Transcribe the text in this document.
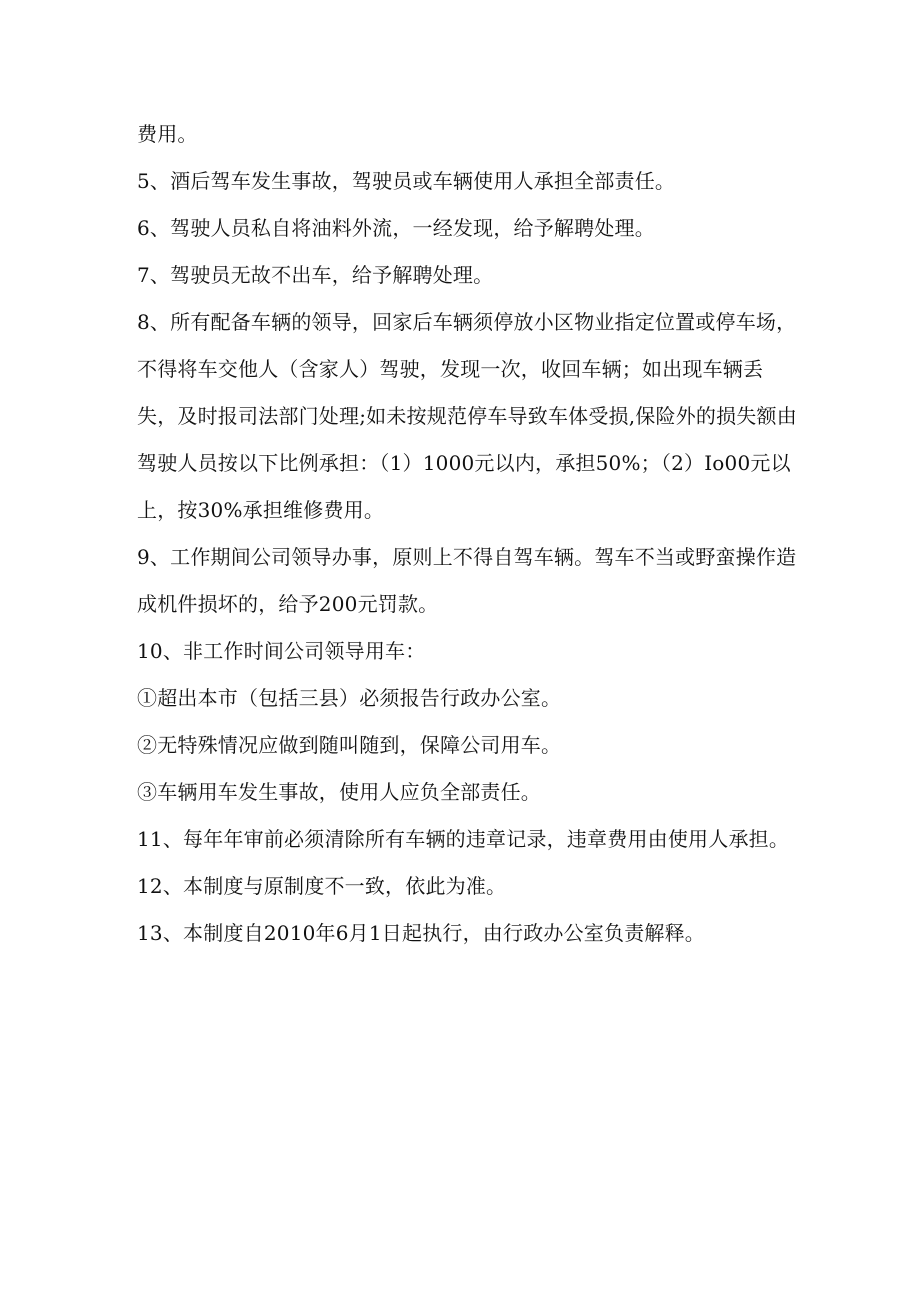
费用。

5、酒后驾车发生事故，驾驶员或车辆使用人承担全部责任。

6、驾驶人员私自将油料外流，一经发现，给予解聘处理。

7、驾驶员无故不出车，给予解聘处理。

8、所有配备车辆的领导，回家后车辆须停放小区物业指定位置或停车场，不得将车交他人（含家人）驾驶，发现一次，收回车辆；如出现车辆丢失，及时报司法部门处理;如未按规范停车导致车体受损,保险外的损失额由驾驶人员按以下比例承担：（1）1000元以内，承担50%；（2）Io00元以上，按30%承担维修费用。

9、工作期间公司领导办事，原则上不得自驾车辆。驾车不当或野蛮操作造成机件损坏的，给予200元罚款。

10、非工作时间公司领导用车：

①超出本市（包括三县）必须报告行政办公室。

②无特殊情况应做到随叫随到，保障公司用车。

③车辆用车发生事故，使用人应负全部责任。

11、每年年审前必须清除所有车辆的违章记录，违章费用由使用人承担。

12、本制度与原制度不一致，依此为准。

13、本制度自2010年6月1日起执行，由行政办公室负责解释。
